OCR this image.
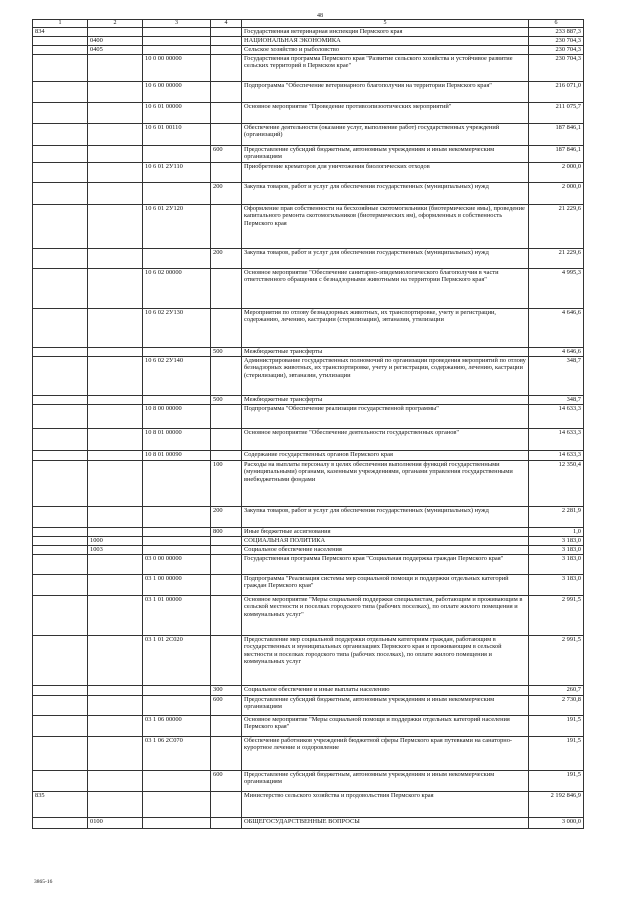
48
1	2	3	4	5	6
834				Государственная ветеринарная инспекция Пермского края	233 887,3
	0400			НАЦИОНАЛЬНАЯ ЭКОНОМИКА	230 704,3
	0405			Сельское хозяйство и рыболовство	230 704,3
		10 0 00 00000		Государственная программа Пермского края "Развитие сельского хозяйства и устойчивое развитие сельских территорий в Пермском крае"	230 704,3
		10 6 00 00000		Подпрограмма "Обеспечение ветеринарного благополучия на территории Пермского края"	216 071,0
		10 6 01 00000		Основное мероприятие "Проведение противоэпизоотических мероприятий"	211 075,7
		10 6 01 00110		Обеспечение деятельности (оказание услуг, выполнение работ) государственных учреждений (организаций)	187 846,1
			600	Предоставление субсидий бюджетным, автономным учреждениям и иным некоммерческим организациям	187 846,1
		10 6 01 2У110		Приобретение крематоров для уничтожения биологических отходов	2 000,0
			200	Закупка товаров, работ и услуг для обеспечения государственных (муниципальных) нужд	2 000,0
		10 6 01 2У120		Оформление прав собственности на бесхозяйные скотомогильники (биотермические ямы), проведение капитального ремонта скотомогильников (биотермических ям), оформленных в собственность Пермского края	21 229,6
			200	Закупка товаров, работ и услуг для обеспечения государственных (муниципальных) нужд	21 229,6
		10 6 02 00000		Основное мероприятие "Обеспечение санитарно-эпидемиологического благополучия в части ответственного обращения с безнадзорными животными на территории Пермского края"	4 995,3
		10 6 02 2У130		Мероприятия по отлову безнадзорных животных, их транспортировке, учету и регистрации, содержанию, лечению, кастрации (стерилизации), эвтаназии, утилизации	4 646,6
			500	Межбюджетные трансферты	4 646,6
		10 6 02 2У140		Администрирование государственных полномочий по организации проведения мероприятий по отлову безнадзорных животных, их транспортировке, учету и регистрации, содержанию, лечению, кастрации (стерилизации), эвтаназии, утилизации	348,7
			500	Межбюджетные трансферты	348,7
		10 8 00 00000		Подпрограмма "Обеспечение реализации государственной программы"	14 633,3
		10 8 01 00000		Основное мероприятие "Обеспечение деятельности государственных органов"	14 633,3
		10 8 01 00090		Содержание государственных органов Пермского края	14 633,3
			100	Расходы на выплаты персоналу в целях обеспечения выполнения функций государственными (муниципальными) органами, казенными учреждениями, органами управления государственными внебюджетными фондами	12 350,4
			200	Закупка товаров, работ и услуг для обеспечения государственных (муниципальных) нужд	2 281,9
			800	Иные бюджетные ассигнования	1,0
	1000			СОЦИАЛЬНАЯ ПОЛИТИКА	3 183,0
	1003			Социальное обеспечение населения	3 183,0
		03 0 00 00000		Государственная программа Пермского края "Социальная поддержка граждан Пермского края"	3 183,0
		03 1 00 00000		Подпрограмма "Реализация системы мер социальной помощи и поддержки отдельных категорий граждан Пермского края"	3 183,0
		03 1 01 00000		Основное мероприятие "Меры социальной поддержки специалистам, работающим и проживающим в сельской местности и поселках городского типа (рабочих поселках), по оплате жилого помещения и коммунальных услуг"	2 991,5
		03 1 01 2С020		Предоставление мер социальной поддержки отдельным категориям граждан, работающим в государственных и муниципальных организациях Пермского края и проживающим в сельской местности и поселках городского типа (рабочих поселках), по оплате жилого помещения и коммунальных услуг	2 991,5
			300	Социальное обеспечение и иные выплаты населению	260,7
			600	Предоставление субсидий бюджетным, автономным учреждениям и иным некоммерческим организациям	2 730,8
		03 1 06 00000		Основное мероприятие "Меры социальной помощи и поддержки отдельных категорий населения Пермского края"	191,5
		03 1 06 2С070		Обеспечение работников учреждений бюджетной сферы Пермского края путевками на санаторно-курортное лечение и оздоровление	191,5
			600	Предоставление субсидий бюджетным, автономным учреждениям и иным некоммерческим организациям	191,5
835				Министерство сельского хозяйства и продовольствия Пермского края	2 192 846,9
	0100			ОБЩЕГОСУДАРСТВЕННЫЕ ВОПРОСЫ	3 000,0
3865-16
